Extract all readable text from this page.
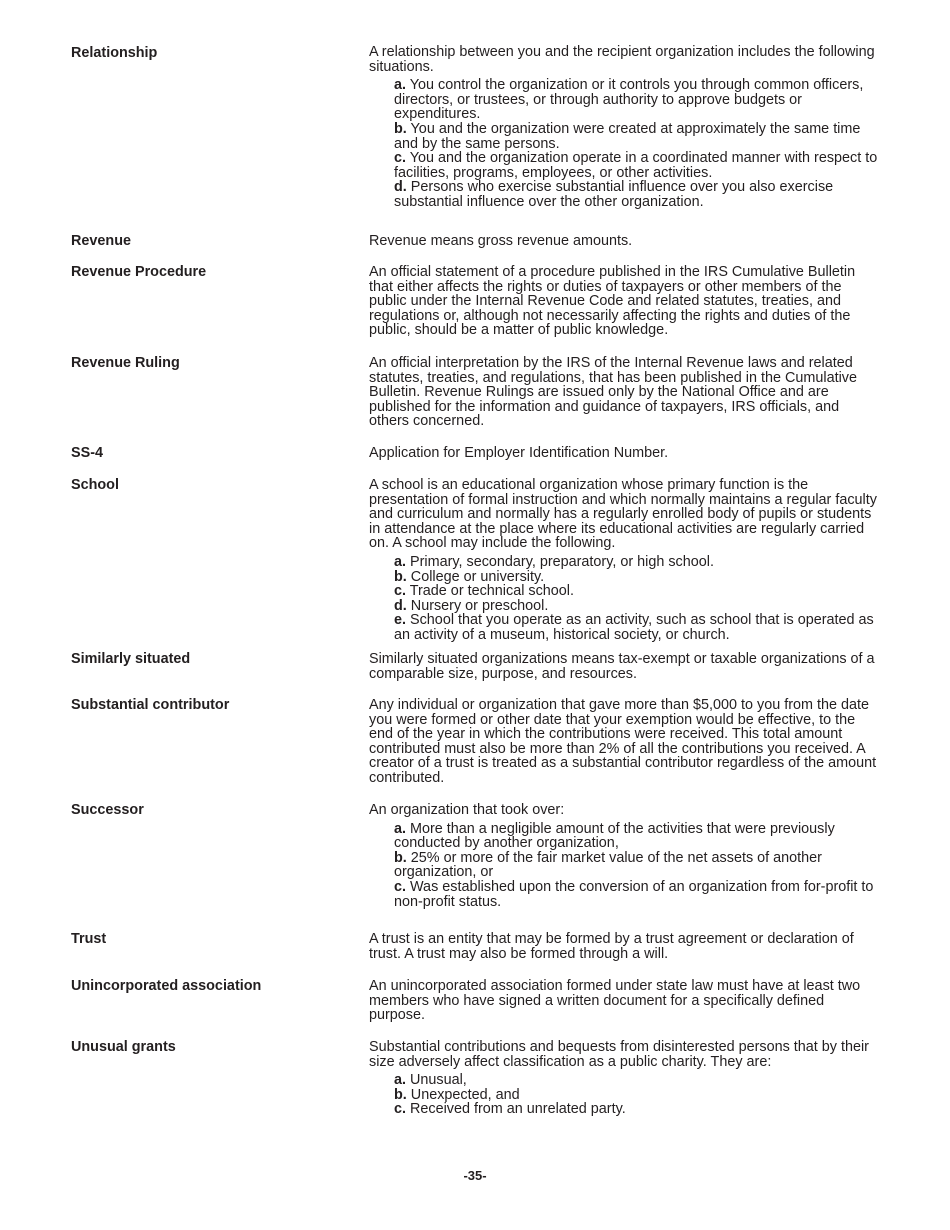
Relationship	A relationship between you and the recipient organization includes the following situations.

a. You control the organization or it controls you through common officers, directors, or trustees, or through authority to approve budgets or expenditures.

b. You and the organization were created at approximately the same time and by the same persons.

c. You and the organization operate in a coordinated manner with respect to facilities, programs, employees, or other activities.

d. Persons who exercise substantial influence over you also exercise substantial influence over the other organization.

Revenue	Revenue means gross revenue amounts.

Revenue Procedure	An official statement of a procedure published in the IRS Cumulative Bulletin that either affects the rights or duties of taxpayers or other members of the public under the Internal Revenue Code and related statutes, treaties, and regulations or, although not necessarily affecting the rights and duties of the public, should be a matter of public knowledge.

Revenue Ruling	An official interpretation by the IRS of the Internal Revenue laws and related statutes, treaties, and regulations, that has been published in the Cumulative Bulletin. Revenue Rulings are issued only by the National Office and are published for the information and guidance of taxpayers, IRS officials, and others concerned.

SS-4	Application for Employer Identification Number.

School	A school is an educational organization whose primary function is the presentation of formal instruction and which normally maintains a regular faculty and curriculum and normally has a regularly enrolled body of pupils or students in attendance at the place where its educational activities are regularly carried on. A school may include the following.

a. Primary, secondary, preparatory, or high school.

b. College or university.

c. Trade or technical school.

d. Nursery or preschool.

e. School that you operate as an activity, such as school that is operated as an activity of a museum, historical society, or church.

Similarly situated	Similarly situated organizations means tax-exempt or taxable organizations of a comparable size, purpose, and resources.

Substantial contributor	Any individual or organization that gave more than $5,000 to you from the date you were formed or other date that your exemption would be effective, to the end of the year in which the contributions were received. This total amount contributed must also be more than 2% of all the contributions you received. A creator of a trust is treated as a substantial contributor regardless of the amount contributed.

Successor	An organization that took over:

a. More than a negligible amount of the activities that were previously conducted by another organization,

b. 25% or more of the fair market value of the net assets of another organization, or

c. Was established upon the conversion of an organization from for-profit to non-profit status.

Trust	A trust is an entity that may be formed by a trust agreement or declaration of trust. A trust may also be formed through a will.

Unincorporated association	An unincorporated association formed under state law must have at least two members who have signed a written document for a specifically defined purpose.

Unusual grants	Substantial contributions and bequests from disinterested persons that by their size adversely affect classification as a public charity. They are:

a. Unusual,

b. Unexpected, and

c. Received from an unrelated party.

-35-
